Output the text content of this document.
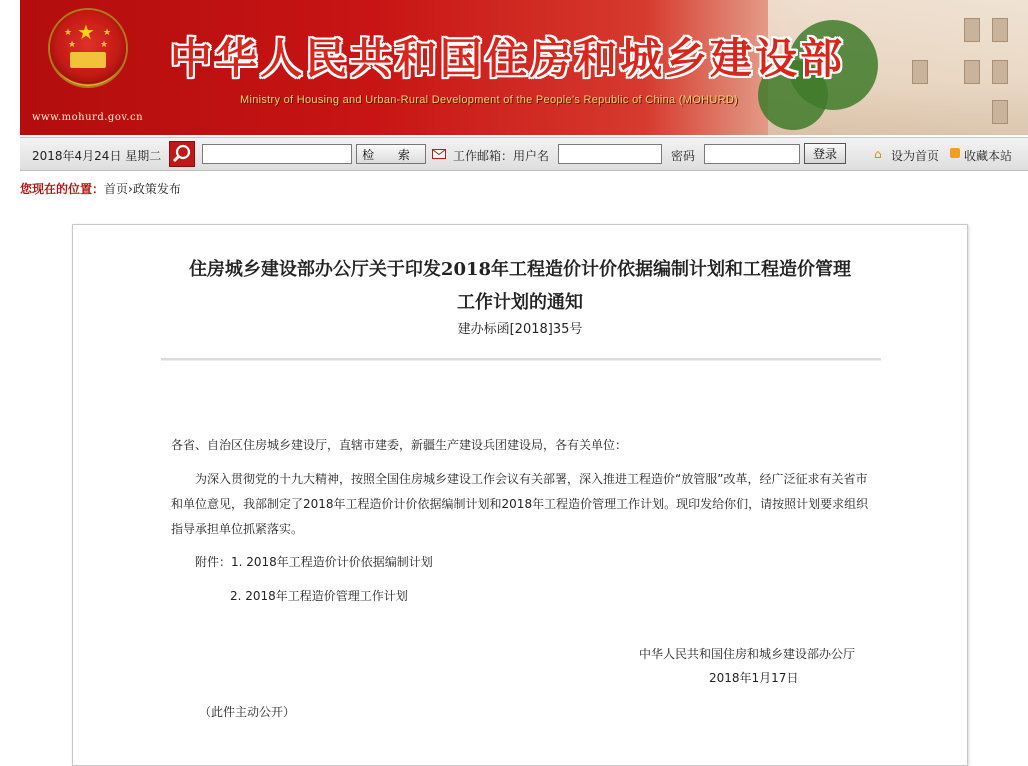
★
★
★
★
★
www.mohurd.gov.cn
中华人民共和国住房和城乡建设部
Ministry of Housing and Urban-Rural Development of the People's Republic of China (MOHURD)
2018年4月24日 星期二	检 索	工作邮箱：用户名	密码	登录	⌂ 设为首页 收藏本站
您现在的位置：首页›政策发布
住房城乡建设部办公厅关于印发2018年工程造价计价依据编制计划和工程造价管理
工作计划的通知
建办标函[2018]35号
各省、自治区住房城乡建设厅，直辖市建委，新疆生产建设兵团建设局，各有关单位：
为深入贯彻党的十九大精神，按照全国住房城乡建设工作会议有关部署，深入推进工程造价“放管服”改革，经广泛征求有关省市和单位意见，我部制定了2018年工程造价计价依据编制计划和2018年工程造价管理工作计划。现印发给你们，请按照计划要求组织指导承担单位抓紧落实。
附件：1. 2018年工程造价计价依据编制计划
2. 2018年工程造价管理工作计划
中华人民共和国住房和城乡建设部办公厅
2018年1月17日
（此件主动公开）
